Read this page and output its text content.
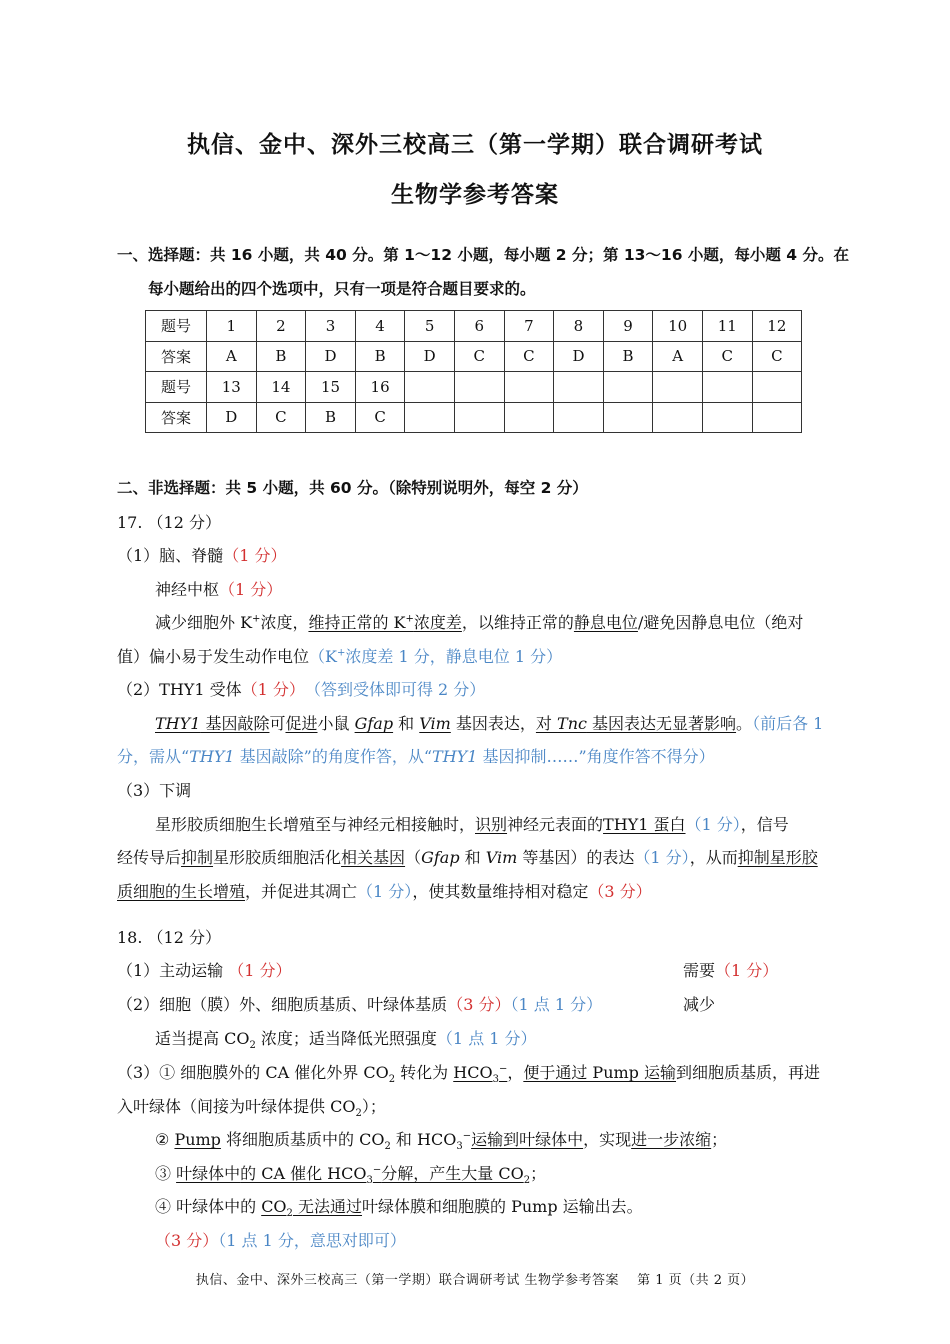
执信、金中、深外三校高三（第一学期）联合调研考试
生物学参考答案
一、选择题：共 16 小题，共 40 分。第 1～12 小题，每小题 2 分；第 13～16 小题，每小题 4 分。在
每小题给出的四个选项中，只有一项是符合题目要求的。
题号	1	2	3	4	5	6	7	8	9	10	11	12
答案	A	B	D	B	D	C	C	D	B	A	C	C
题号	13	14	15	16								
答案	D	C	B	C								
二、非选择题：共 5 小题，共 60 分。（除特别说明外，每空 2 分）
17. （12 分）
（1）脑、脊髓（1 分）
神经中枢（1 分）
减少细胞外 K+浓度，维持正常的 K+浓度差，以维持正常的静息电位/避免因静息电位（绝对
值）偏小易于发生动作电位（K+浓度差 1 分，静息电位 1 分）
（2）THY1 受体（1 分）　 （答到受体即可得 2 分）
THY1 基因敲除可促进小鼠 Gfap 和 Vim 基因表达，对 Tnc 基因表达无显著影响。（前后各 1
分，需从“THY1 基因敲除”的角度作答，从“THY1 基因抑制……”角度作答不得分）
（3）下调
星形胶质细胞生长增殖至与神经元相接触时，识别神经元表面的THY1 蛋白（1 分），信号
经传导后抑制星形胶质细胞活化相关基因（Gfap 和 Vim 等基因）的表达（1 分），从而抑制星形胶
质细胞的生长增殖，并促进其凋亡（1 分），使其数量维持相对稳定（3 分）
18. （12 分）
（1）主动运输 （1 分）	需要（1 分）
（2）细胞（膜）外、细胞质基质、叶绿体基质（3 分）（1 点 1 分）	减少
适当提高 $CO_2$ 浓度；适当降低光照强度（1 点 1 分）
（3）① 细胞膜外的 CA 催化外界 $CO_2$ 转化为 $HCO_3^-$，便于通过 Pump 运输到细胞质基质，再进
入叶绿体（间接为叶绿体提供 $CO_2$）；
② Pump 将细胞质基质中的 $CO_2$ 和 $HCO_3^-$运输到叶绿体中，实现进一步浓缩；
③ 叶绿体中的 CA 催化 $HCO_3^-$分解，产生大量 $CO_2$；
④ 叶绿体中的 $CO_2$ 无法通过叶绿体膜和细胞膜的 Pump 运输出去。
（3 分）（1 点 1 分，意思对即可）
执信、金中、深外三校高三（第一学期）联合调研考试 生物学参考答案　 第 1 页（共 2 页）
